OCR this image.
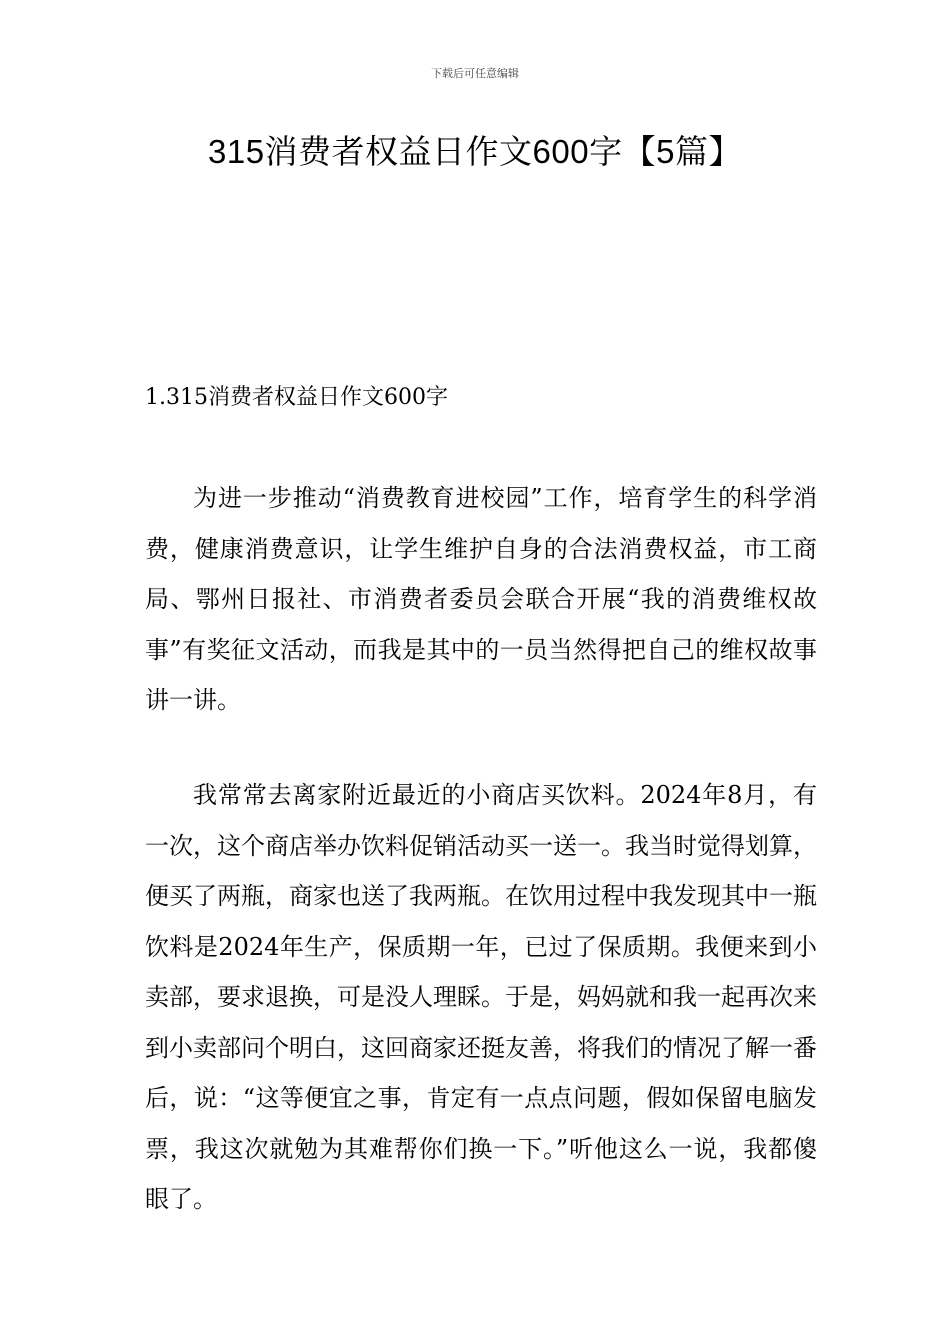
下载后可任意编辑
315消费者权益日作文600字【5篇】
1.315消费者权益日作文600字

为进一步推动“消费教育进校园”工作，培育学生的科学消费，健康消费意识，让学生维护自身的合法消费权益，市工商局、鄂州日报社、市消费者委员会联合开展“我的消费维权故事”有奖征文活动，而我是其中的一员当然得把自己的维权故事讲一讲。

我常常去离家附近最近的小商店买饮料。2024年8月，有一次，这个商店举办饮料促销活动买一送一。我当时觉得划算，便买了两瓶，商家也送了我两瓶。在饮用过程中我发现其中一瓶饮料是2024年生产，保质期一年，已过了保质期。我便来到小卖部，要求退换，可是没人理睬。于是，妈妈就和我一起再次来到小卖部问个明白，这回商家还挺友善，将我们的情况了解一番后，说：“这等便宜之事，肯定有一点点问题，假如保留电脑发票，我这次就勉为其难帮你们换一下。”听他这么一说，我都傻眼了。
